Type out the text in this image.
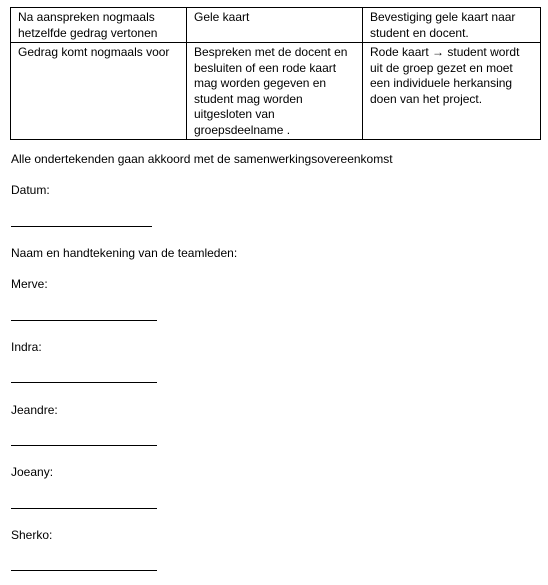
Na aanspreken nogmaals hetzelfde gedrag vertonen	Gele kaart	Bevestiging gele kaart naar student en docent.
Gedrag komt nogmaals voor	Bespreken met de docent en besluiten of een rode kaart mag worden gegeven en student mag worden uitgesloten van groepsdeelname .	Rode kaart → student wordt uit de groep gezet en moet een individuele herkansing doen van het project.
Alle ondertekenden gaan akkoord met de samenwerkingsovereenkomst
Datum:
Naam en handtekening van de teamleden:
Merve:
Indra:
Jeandre:
Joeany:
Sherko:
